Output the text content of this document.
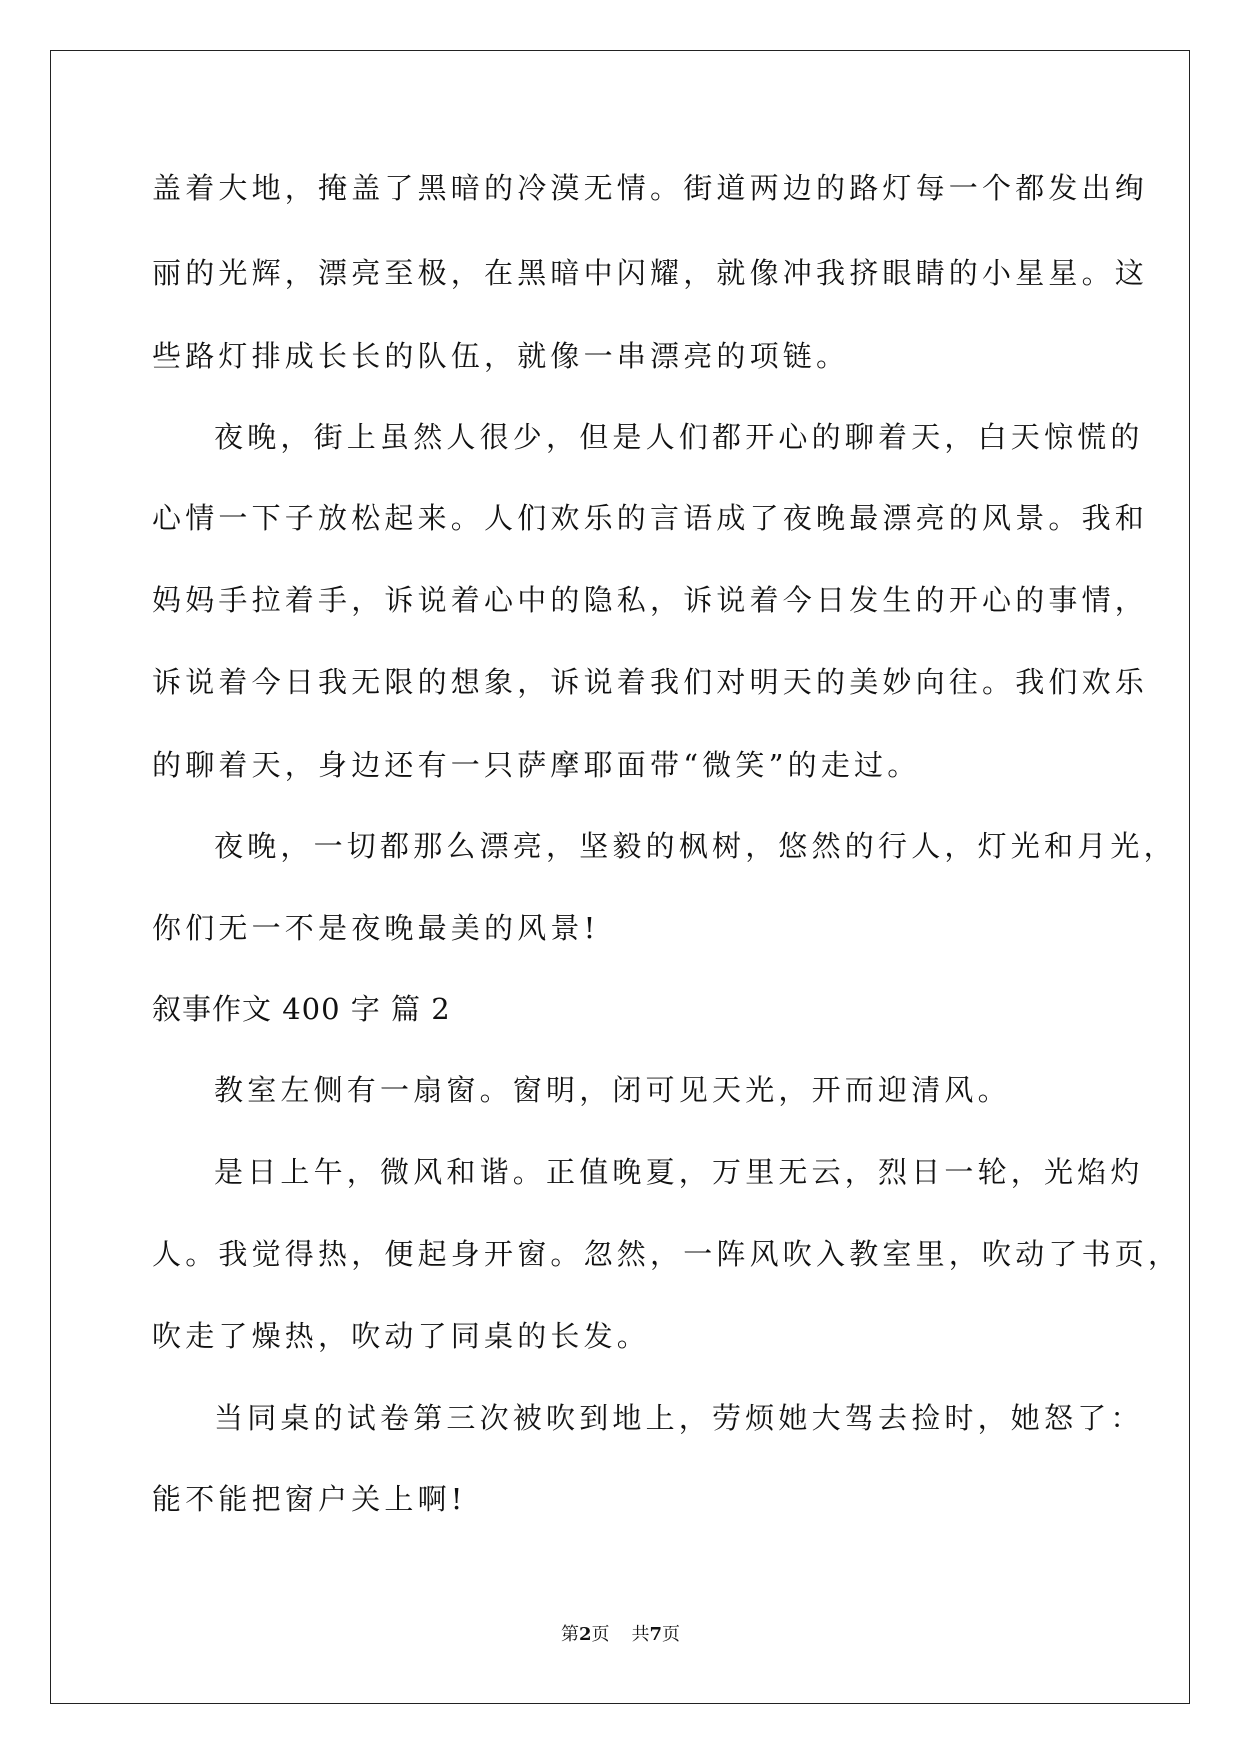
盖着大地，掩盖了黑暗的冷漠无情。街道两边的路灯每一个都发出绚
丽的光辉，漂亮至极，在黑暗中闪耀，就像冲我挤眼睛的小星星。这
些路灯排成长长的队伍，就像一串漂亮的项链。
夜晚，街上虽然人很少，但是人们都开心的聊着天，白天惊慌的
心情一下子放松起来。人们欢乐的言语成了夜晚最漂亮的风景。我和
妈妈手拉着手，诉说着心中的隐私，诉说着今日发生的开心的事情，
诉说着今日我无限的想象，诉说着我们对明天的美妙向往。我们欢乐
的聊着天，身边还有一只萨摩耶面带“微笑”的走过。
夜晚，一切都那么漂亮，坚毅的枫树，悠然的行人，灯光和月光，
你们无一不是夜晚最美的风景!
叙事作文 400 字 篇 2
教室左侧有一扇窗。窗明，闭可见天光，开而迎清风。
是日上午，微风和谐。正值晚夏，万里无云，烈日一轮，光焰灼
人。我觉得热，便起身开窗。忽然，一阵风吹入教室里，吹动了书页，
吹走了燥热，吹动了同桌的长发。
当同桌的试卷第三次被吹到地上，劳烦她大驾去捡时，她怒了：
能不能把窗户关上啊!
第2页 共7页
